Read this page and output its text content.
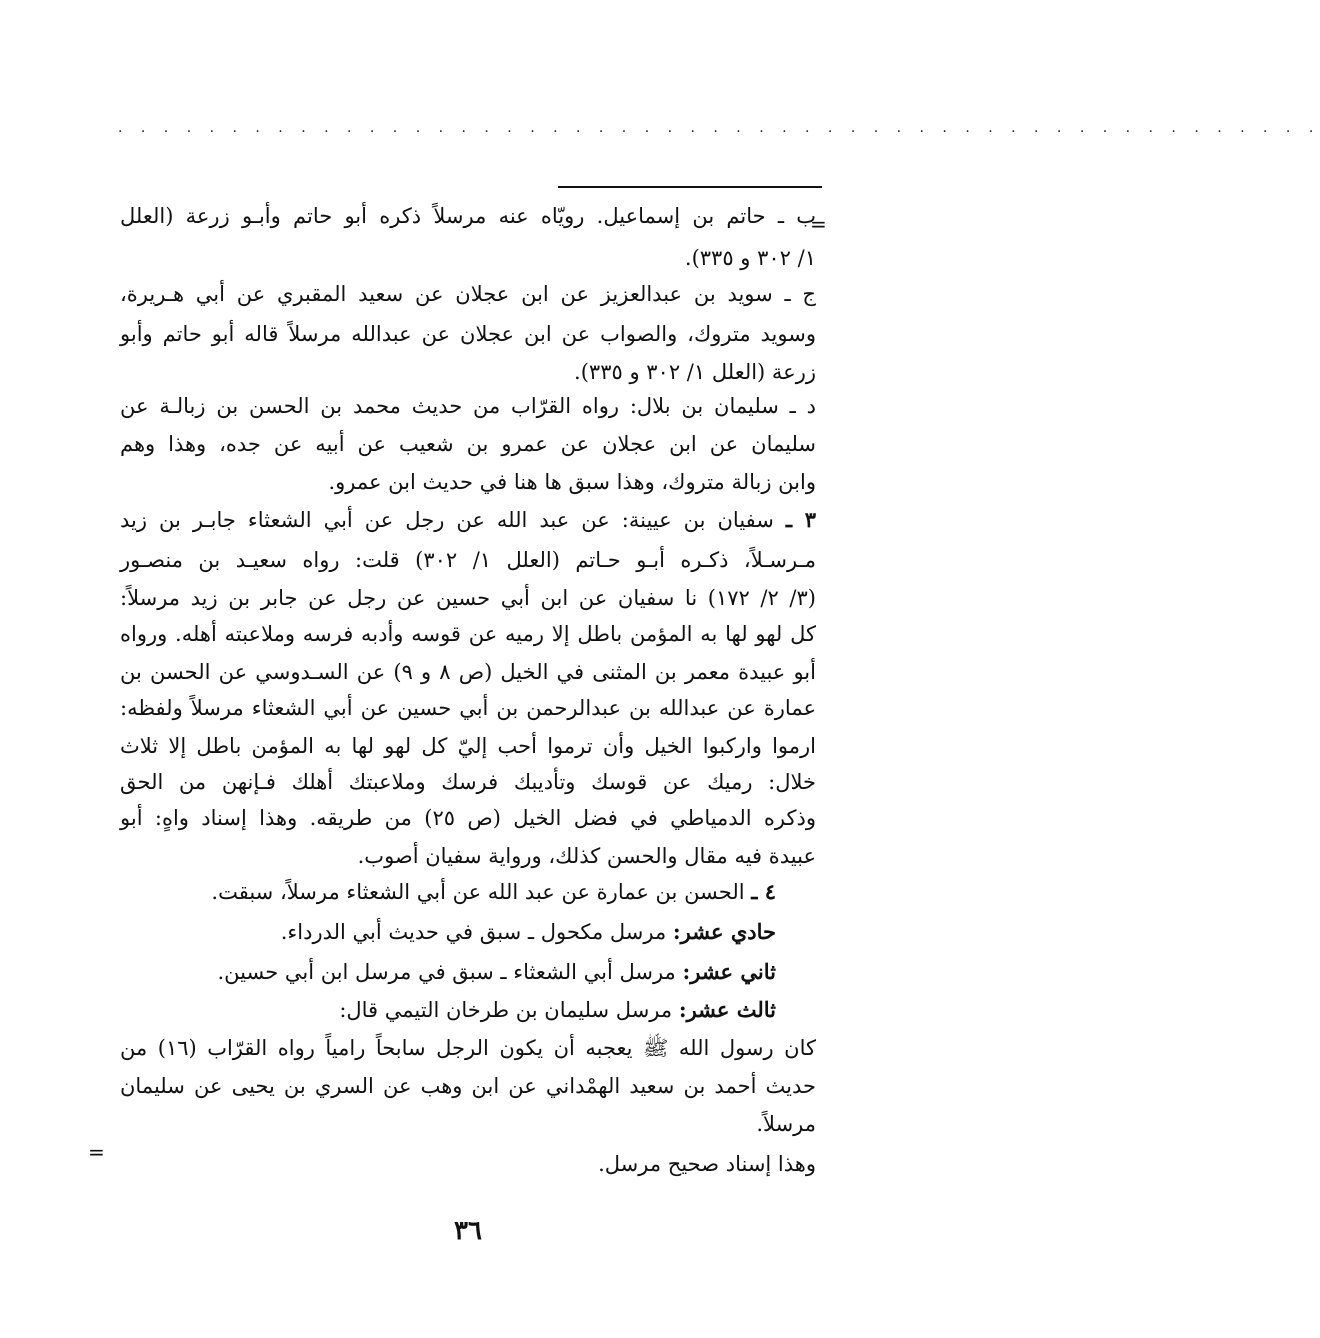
. . . . . . . . . . . . . . . . . . . . . . . . . . . . . . . . . . . . . . . . . . . . . . . . . . . . .
=
ب ـ حاتم بن إسماعيل. رويّاه عنه مرسلاً ذكره أبو حاتم وأبـو زرعة (العلل
١/ ٣٠٢ و ٣٣٥).
ج ـ سويد بن عبدالعزيز عن ابن عجلان عن سعيد المقبري عن أبي هـريرة،
وسويد متروك، والصواب عن ابن عجلان عن عبدالله مرسلاً قاله أبو حاتم وأبو
زرعة (العلل ١/ ٣٠٢ و ٣٣٥).
د ـ سليمان بن بلال: رواه القرّاب من حديث محمد بن الحسن بن زبالـة عن
سليمان عن ابن عجلان عن عمرو بن شعيب عن أبيه عن جده، وهذا وهم
وابن زبالة متروك، وهذا سبق ها هنا في حديث ابن عمرو.
٣ ـ سفيان بن عيينة: عن عبد الله عن رجل عن أبي الشعثاء جابـر بن زيد
مـرسـلاً، ذكـره أبـو حـاتم (العلل ١/ ٣٠٢) قلت: رواه سعيـد بن منصـور
(٣/ ٢/ ١٧٢) نا سفيان عن ابن أبي حسين عن رجل عن جابر بن زيد مرسلاً:
كل لهو لها به المؤمن باطل إلا رميه عن قوسه وأدبه فرسه وملاعبته أهله. ورواه
أبو عبيدة معمر بن المثنى في الخيل (ص ٨ و ٩) عن السـدوسي عن الحسن بن
عمارة عن عبدالله بن عبدالرحمن بن أبي حسين عن أبي الشعثاء مرسلاً ولفظه:
ارموا واركبوا الخيل وأن ترموا أحب إليّ كل لهو لها به المؤمن باطل إلا ثلاث
خلال: رميك عن قوسك وتأديبك فرسك وملاعبتك أهلك فـإنهن من الحق
وذكره الدمياطي في فضل الخيل (ص ٢٥) من طريقه. وهذا إسناد واهٍ: أبو
عبيدة فيه مقال والحسن كذلك، ورواية سفيان أصوب.
٤ ـ الحسن بن عمارة عن عبد الله عن أبي الشعثاء مرسلاً، سبقت.
حادي عشر: مرسل مكحول ـ سبق في حديث أبي الدرداء.
ثاني عشر: مرسل أبي الشعثاء ـ سبق في مرسل ابن أبي حسين.
ثالث عشر: مرسل سليمان بن طرخان التيمي قال:
كان رسول الله ﷺ يعجبه أن يكون الرجل سابحاً رامياً رواه القرّاب (١٦) من
حديث أحمد بن سعيد الهمْداني عن ابن وهب عن السري بن يحيى عن سليمان
مرسلاً.
وهذا إسناد صحيح مرسل.
=
٣٦
